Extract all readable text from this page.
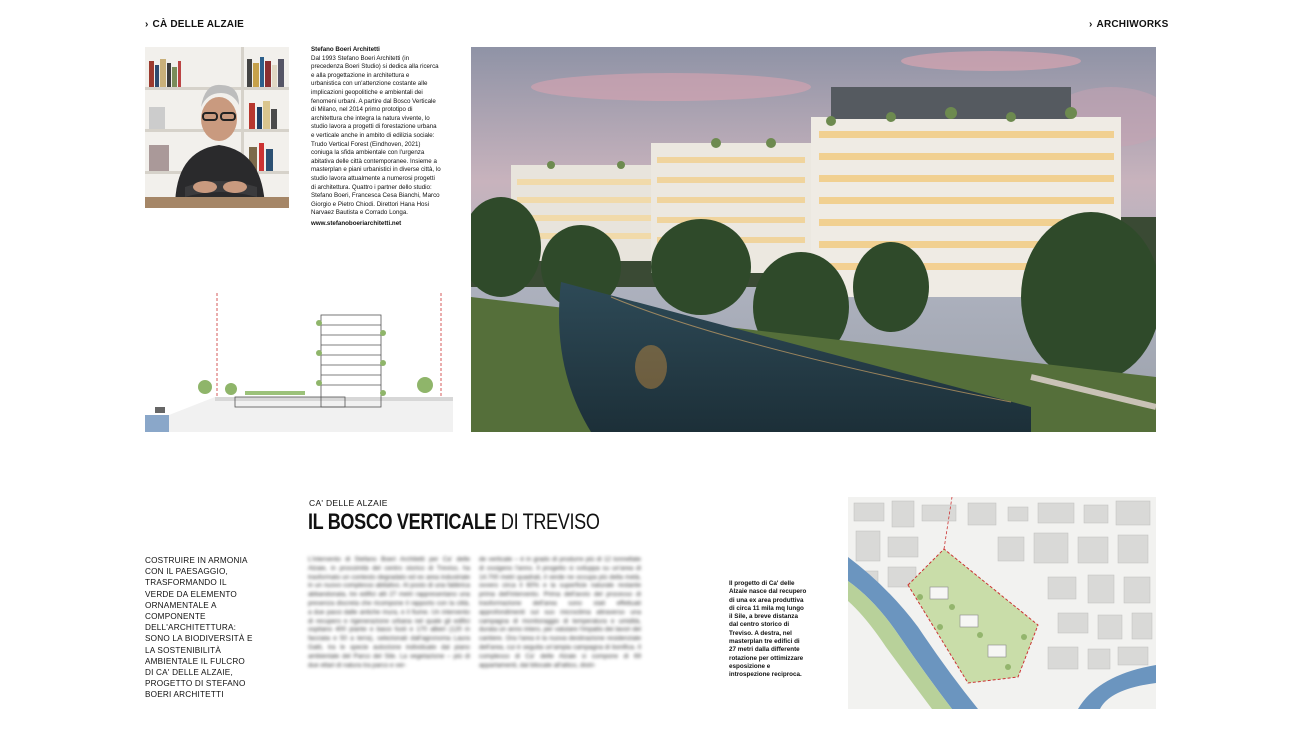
› CÀ DELLE ALZAIE	› ARCHIWORKS
Stefano Boeri Architetti
Dal 1993 Stefano Boeri Architetti (in precedenza Boeri Studio) si dedica alla ricerca e alla progettazione in architettura e urbanistica con un'attenzione costante alle implicazioni geopolitiche e ambientali dei fenomeni urbani. A partire dal Bosco Verticale di Milano, nel 2014 primo prototipo di architettura che integra la natura vivente, lo studio lavora a progetti di forestazione urbana e verticale anche in ambito di edilizia sociale: Trudo Vertical Forest (Eindhoven, 2021) coniuga la sfida ambientale con l'urgenza abitativa delle città contemporanee. Insieme a masterplan e piani urbanistici in diverse città, lo studio lavora attualmente a numerosi progetti di architettura. Quattro i partner dello studio: Stefano Boeri, Francesca Cesa Bianchi, Marco Giorgio e Pietro Chiodi. Direttori Hana Hosi Narvaez Bautista e Corrado Longa.
www.stefanoboeriarchitetti.net
CA' DELLE ALZAIE
IL BOSCO VERTICALE DI TREVISO
COSTRUIRE IN ARMONIA CON IL PAESAGGIO, TRASFORMANDO IL VERDE DA ELEMENTO ORNAMENTALE A COMPONENTE DELL'ARCHITETTURA: SONO LA BIODIVERSITÀ E LA SOSTENIBILITÀ AMBIENTALE IL FULCRO DI CA' DELLE ALZAIE, PROGETTO DI STEFANO BOERI ARCHITETTI
L'intervento di Stefano Boeri Architetti per Ca' delle Alzaie, in prossimità del centro storico di Treviso, ha trasformato un contesto degradato ed ex area industriale in un nuovo complesso abitativo. Al posto di una fabbrica abbandonata, tre edifici alti 27 metri rappresentano una presenza discreta che ricompone il rapporto con la città, a due passi dalle antiche mura, e il fiume. Un intervento di recupero e rigenerazione urbana nel quale gli edifici ospitano 400 piante e bassi fusti e 170 alberi (120 in facciata e 50 a terra), selezionati dall'agronoma Laura Gatti, tra le specie autoctone individuate dal piano ambientale del Parco del Sile. La vegetazione – più di due ettari di natura tra parco e ver-
de verticale – è in grado di produrre più di 12 tonnellate di ossigeno l'anno. Il progetto si sviluppa su un'area di 14.700 metri quadrati, il verde ne occupa più della metà, ovvero circa il 60% e la superficie naturale restante prima dell'intervento. Prima dell'avvio del processo di trasformazione dell'area sono stati effettuati approfondimenti sul suo microclima attraverso una campagna di monitoraggio di temperatura e umidità, durata un anno intero, per valutare l'impatto dei lavori del cantiere. Ora l'area è la nuova destinazione residenziale dell'area, cui è seguita un'ampia campagna di bonifica. Il complesso di Ca' delle Alzaie si compone di 69 appartamenti, dal bilocale all'attico, distri-
Il progetto di Ca' delle Alzaie nasce dal recupero di una ex area produttiva di circa 11 mila mq lungo il Sile, a breve distanza dal centro storico di Treviso. A destra, nel masterplan tre edifici di 27 metri dalla differente rotazione per ottimizzare esposizione e introspezione reciproca.
